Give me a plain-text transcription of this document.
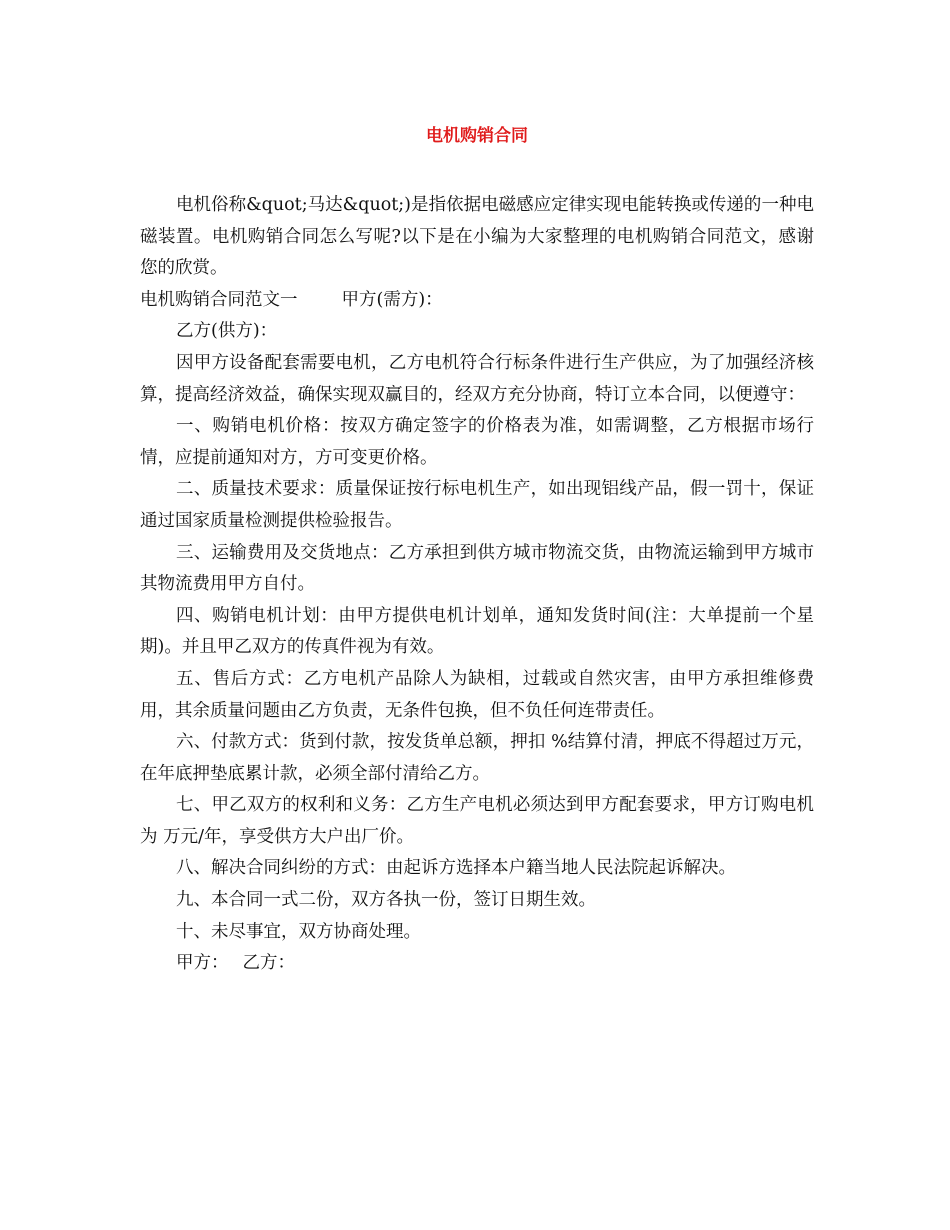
电机购销合同

电机俗称&quot;马达&quot;)是指依据电磁感应定律实现电能转换或传递的一种电磁装置。电机购销合同怎么写呢?以下是在小编为大家整理的电机购销合同范文，感谢您的欣赏。

电机购销合同范文一	甲方(需方)：

乙方(供方)：

因甲方设备配套需要电机，乙方电机符合行标条件进行生产供应，为了加强经济核算，提高经济效益，确保实现双赢目的，经双方充分协商，特订立本合同，以便遵守：

一、购销电机价格：按双方确定签字的价格表为准，如需调整，乙方根据市场行情，应提前通知对方，方可变更价格。

二、质量技术要求：质量保证按行标电机生产，如出现铝线产品，假一罚十，保证通过国家质量检测提供检验报告。

三、运输费用及交货地点：乙方承担到供方城市物流交货，由物流运输到甲方城市其物流费用甲方自付。

四、购销电机计划：由甲方提供电机计划单，通知发货时间(注：大单提前一个星期)。并且甲乙双方的传真件视为有效。

五、售后方式：乙方电机产品除人为缺相，过载或自然灾害，由甲方承担维修费用，其余质量问题由乙方负责，无条件包换，但不负任何连带责任。

六、付款方式：货到付款，按发货单总额，押扣 %结算付清，押底不得超过万元，在年底押垫底累计款，必须全部付清给乙方。

七、甲乙双方的权利和义务：乙方生产电机必须达到甲方配套要求，甲方订购电机为 万元/年，享受供方大户出厂价。

八、解决合同纠纷的方式：由起诉方选择本户籍当地人民法院起诉解决。

九、本合同一式二份，双方各执一份，签订日期生效。

十、未尽事宜，双方协商处理。

甲方： 乙方：
